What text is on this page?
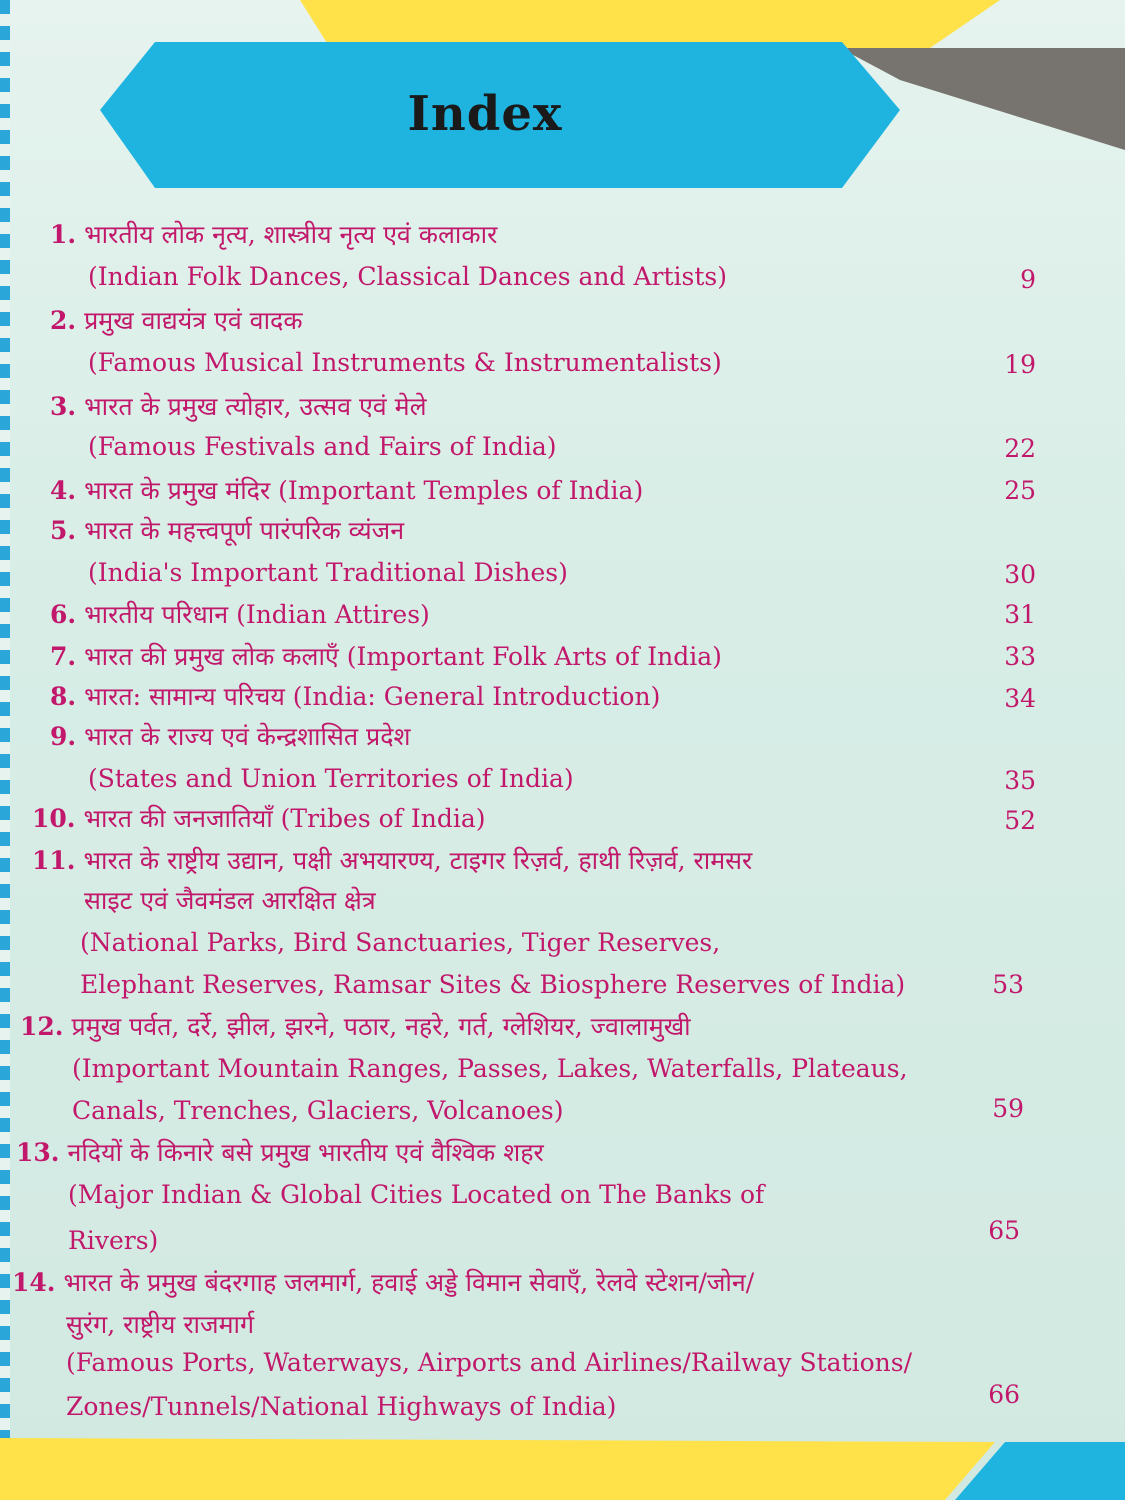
Index
1. भारतीय लोक नृत्य, शास्त्रीय नृत्य एवं कलाकार
(Indian Folk Dances, Classical Dances and Artists)	9
2. प्रमुख वाद्ययंत्र एवं वादक
(Famous Musical Instruments & Instrumentalists)	19
3. भारत के प्रमुख त्योहार, उत्सव एवं मेले
(Famous Festivals and Fairs of India)	22
4. भारत के प्रमुख मंदिर (Important Temples of India)	25
5. भारत के महत्त्वपूर्ण पारंपरिक व्यंजन
(India's Important Traditional Dishes)	30
6. भारतीय परिधान (Indian Attires)	31
7. भारत की प्रमुख लोक कलाएँ (Important Folk Arts of India)	33
8. भारत: सामान्य परिचय (India: General Introduction)	34
9. भारत के राज्य एवं केन्द्रशासित प्रदेश
(States and Union Territories of India)	35
10. भारत की जनजातियाँ (Tribes of India)	52
11. भारत के राष्ट्रीय उद्यान, पक्षी अभयारण्य, टाइगर रिज़र्व, हाथी रिज़र्व, रामसर
साइट एवं जैवमंडल आरक्षित क्षेत्र
(National Parks, Bird Sanctuaries, Tiger Reserves,
Elephant Reserves, Ramsar Sites & Biosphere Reserves of India)	53
12. प्रमुख पर्वत, दर्रे, झील, झरने, पठार, नहरे, गर्त, ग्लेशियर, ज्वालामुखी
(Important Mountain Ranges, Passes, Lakes, Waterfalls, Plateaus,
Canals, Trenches, Glaciers, Volcanoes)	59
13. नदियों के किनारे बसे प्रमुख भारतीय एवं वैश्विक शहर
(Major Indian & Global Cities Located on The Banks of
Rivers)	65
14. भारत के प्रमुख बंदरगाह जलमार्ग, हवाई अड्डे विमान सेवाएँ, रेलवे स्टेशन/जोन/
सुरंग, राष्ट्रीय राजमार्ग
(Famous Ports, Waterways, Airports and Airlines/Railway Stations/
Zones/Tunnels/National Highways of India)	66
